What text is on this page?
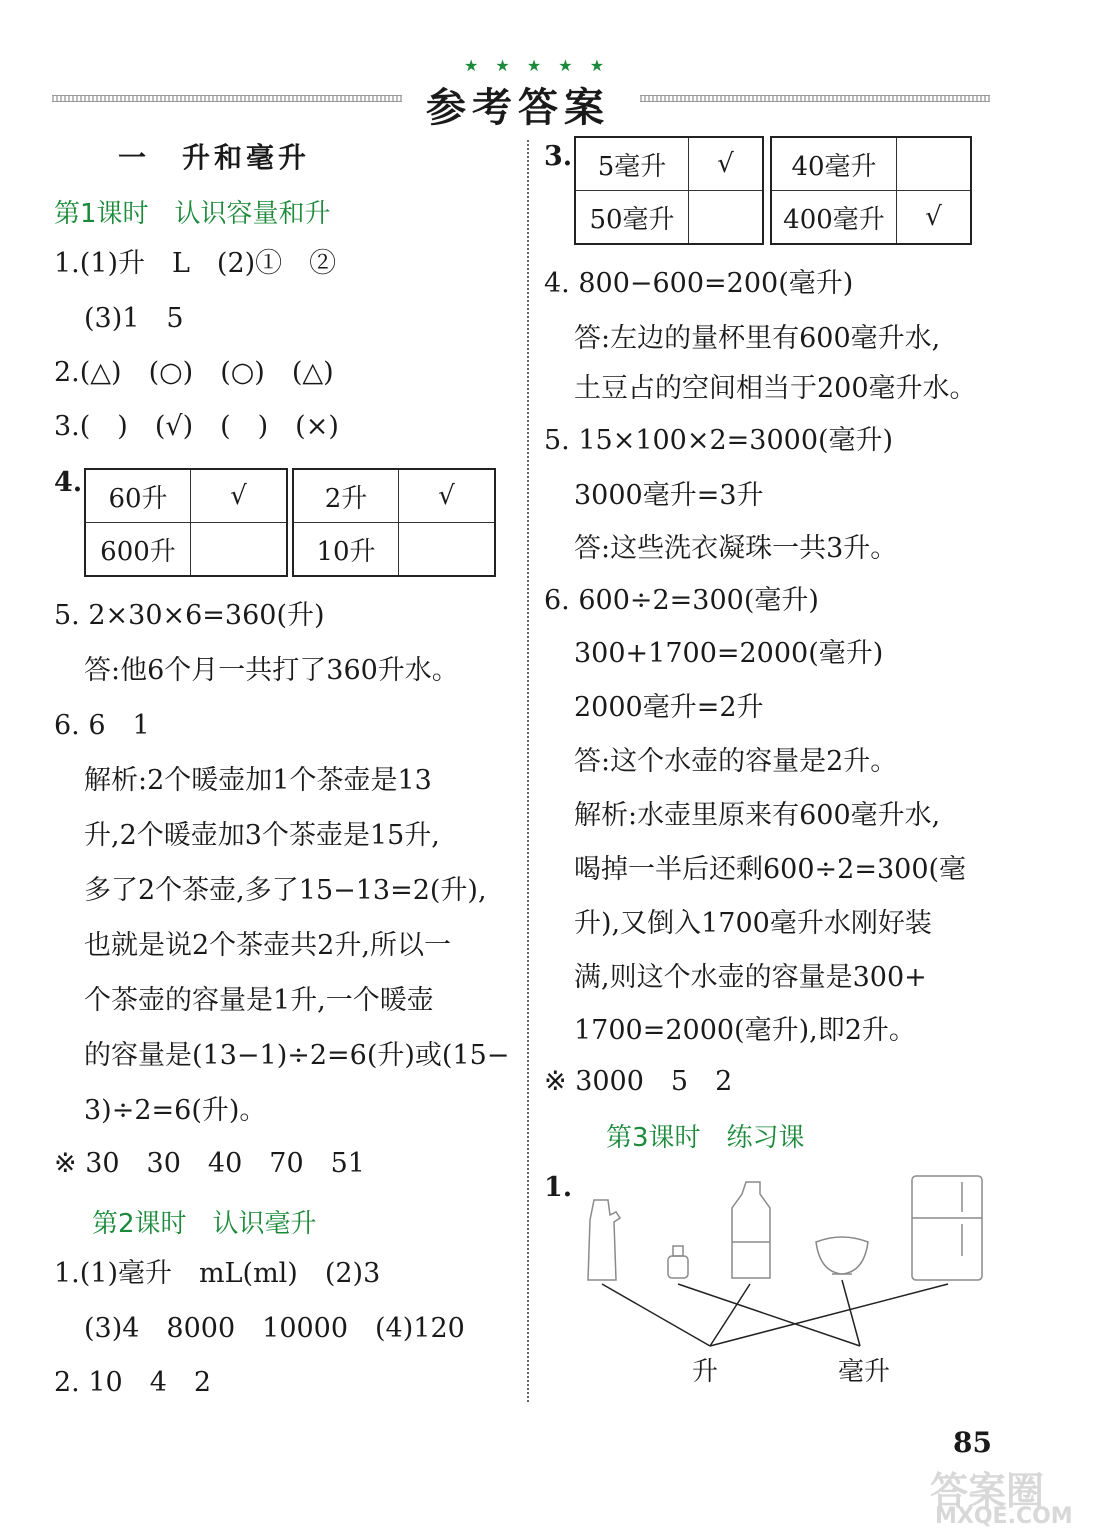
★ ★ ★ ★ ★
参考答案
一　升和毫升
第1课时　认识容量和升
1.(1)升　L　(2)①　②
(3)1　5
2.(△)　(○)　(○)　(△)
3.(　)　(√)　(　)　(×)
4.
60升	√
600升	
2升	√
10升	
5. 2×30×6=360(升)
答:他6个月一共打了360升水。
6. 6　1
解析:2个暖壶加1个茶壶是13
升,2个暖壶加3个茶壶是15升,
多了2个茶壶,多了15−13=2(升),
也就是说2个茶壶共2升,所以一
个茶壶的容量是1升,一个暖壶
的容量是(13−1)÷2=6(升)或(15−
3)÷2=6(升)。
※ 30　30　40　70　51
第2课时　认识毫升
1.(1)毫升　mL(ml)　(2)3
(3)4　8000　10000　(4)120
2. 10　4　2
3. 5毫升	√
50毫升	
40毫升	
400毫升	√
4. 800−600=200(毫升)
答:左边的量杯里有600毫升水,
土豆占的空间相当于200毫升水。
5. 15×100×2=3000(毫升)
3000毫升=3升
答:这些洗衣凝珠一共3升。
6. 600÷2=300(毫升)
300+1700=2000(毫升)
2000毫升=2升
答:这个水壶的容量是2升。
解析:水壶里原来有600毫升水,
喝掉一半后还剩600÷2=300(毫
升),又倒入1700毫升水刚好装
满,则这个水壶的容量是300+
1700=2000(毫升),即2升。
※ 3000　5　2
第3课时　练习课
1.
升	毫升
85
答案圈
MXQE.COM
